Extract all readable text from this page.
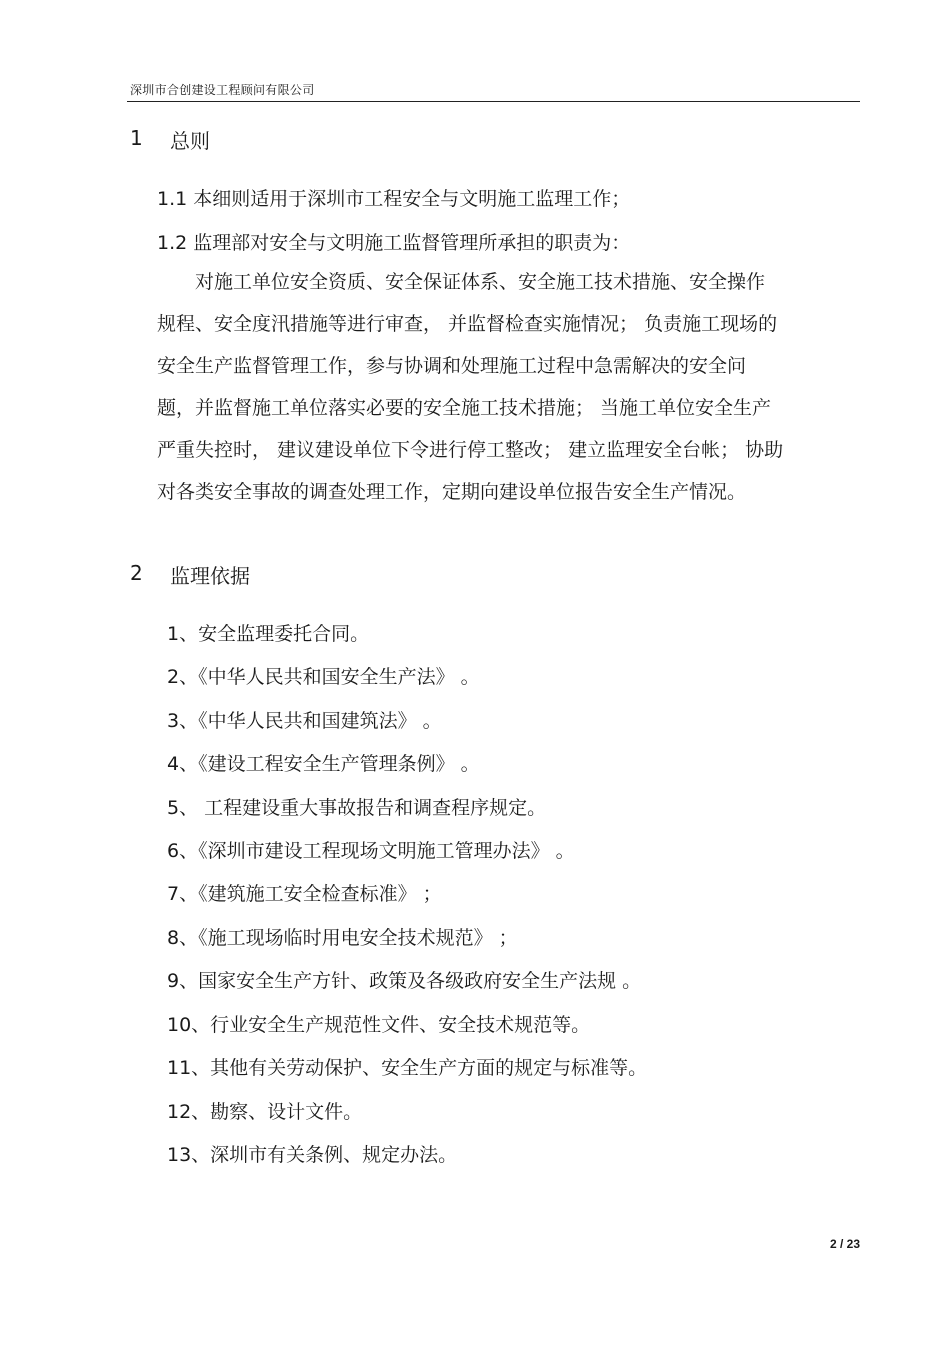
深圳市合创建设工程顾问有限公司
1 总则
1.1 本细则适用于深圳市工程安全与文明施工监理工作；
1.2 监理部对安全与文明施工监督管理所承担的职责为：
对施工单位安全资质、安全保证体系、安全施工技术措施、安全操作
规程、安全度汛措施等进行审查， 并监督检查实施情况； 负责施工现场的
安全生产监督管理工作，参与协调和处理施工过程中急需解决的安全问
题，并监督施工单位落实必要的安全施工技术措施； 当施工单位安全生产
严重失控时， 建议建设单位下令进行停工整改； 建立监理安全台帐； 协助
对各类安全事故的调查处理工作，定期向建设单位报告安全生产情况。
2 监理依据
1、安全监理委托合同。
2、《中华人民共和国安全生产法》 。
3、《中华人民共和国建筑法》 。
4、《建设工程安全生产管理条例》 。
5、 工程建设重大事故报告和调查程序规定。
6、《深圳市建设工程现场文明施工管理办法》 。
7、《建筑施工安全检查标准》 ；
8、《施工现场临时用电安全技术规范》 ；
9、国家安全生产方针、政策及各级政府安全生产法规 。
10、行业安全生产规范性文件、安全技术规范等。
11、其他有关劳动保护、安全生产方面的规定与标准等。
12、勘察、设计文件。
13、深圳市有关条例、规定办法。
2 / 23
